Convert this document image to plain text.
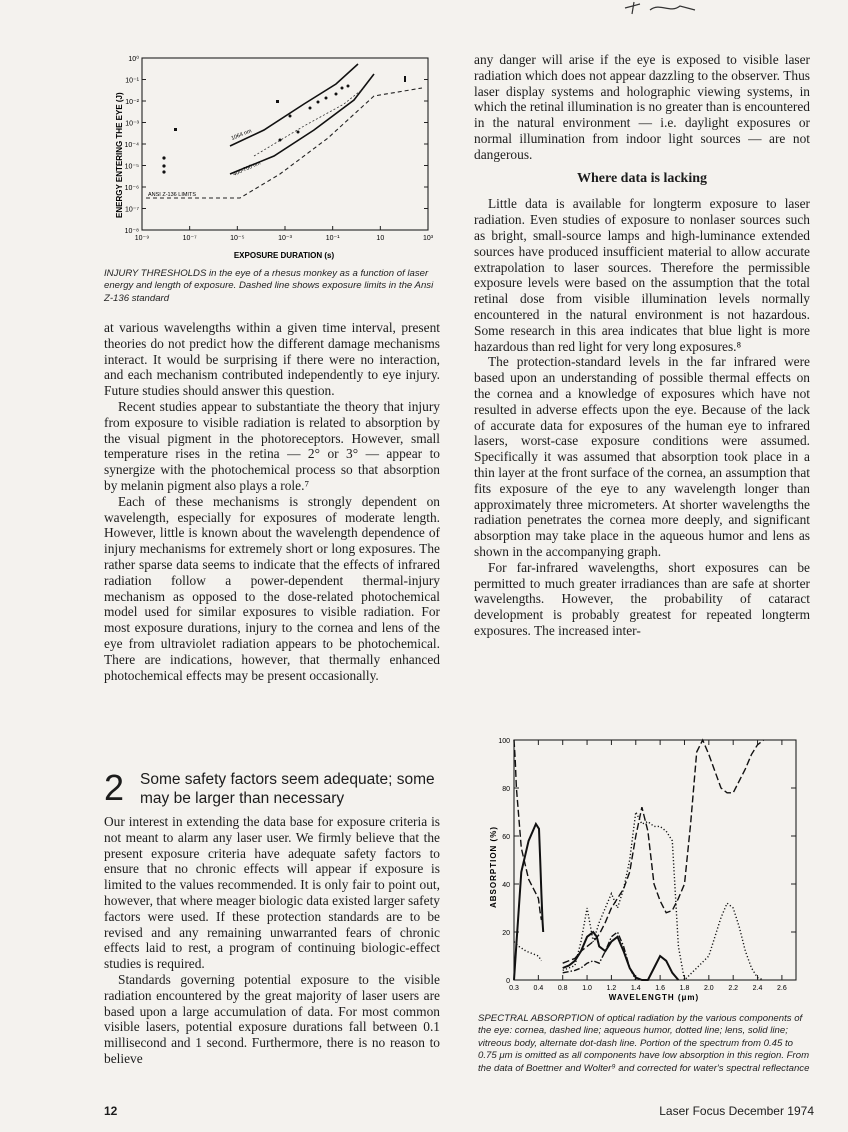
10⁰
10⁻¹
10⁻²
10⁻³
10⁻⁴
10⁻⁵
10⁻⁶
10⁻⁷
10⁻⁸
10⁻⁹	10⁻⁷	10⁻⁵	10⁻³	10⁻¹	10	10³
ENERGY ENTERING THE EYE (J)
EXPOSURE DURATION (s)
1064 nm
400-700 nm
ANSI Z-136 LIMITS
INJURY THRESHOLDS in the eye of a rhesus monkey as a function of laser energy and length of exposure. Dashed line shows exposure limits in the Ansi Z-136 standard

at various wavelengths within a given time interval, present theories do not predict how the different damage mechanisms interact. It would be surprising if there were no interaction, and each mechanism contributed independently to eye injury. Future studies should answer this question.

Recent studies appear to substantiate the theory that injury from exposure to visible radiation is related to absorption by the visual pigment in the photoreceptors. However, small temperature rises in the retina — 2° or 3° — appear to synergize with the photochemical process so that absorption by melanin pigment also plays a role.⁷

Each of these mechanisms is strongly dependent on wavelength, especially for exposures of moderate length. However, little is known about the wavelength dependence of injury mechanisms for extremely short or long exposures. The rather sparse data seems to indicate that the effects of infrared radiation follow a power-dependent thermal-injury mechanism as opposed to the dose-related photochemical model used for similar exposures to visible radiation. For most exposure durations, injury to the cornea and lens of the eye from ultraviolet radiation appears to be photochemical. There are indications, however, that thermally enhanced photochemical effects may be present occasionally.

2 Some safety factors seem adequate; some may be larger than necessary

Our interest in extending the data base for exposure criteria is not meant to alarm any laser user. We firmly believe that the present exposure criteria have adequate safety factors to ensure that no chronic effects will appear if exposure is limited to the values recommended. It is only fair to point out, however, that where meager biologic data existed larger safety factors were used. If these protection standards are to be revised and any remaining unwarranted fears of chronic effects laid to rest, a program of continuing biologic-effect studies is required.

Standards governing potential exposure to the visible radiation encountered by the great majority of laser users are based upon a large accumulation of data. For most common visible lasers, potential exposure durations fall between 0.1 millisecond and 1 second. Furthermore, there is no reason to believe

any danger will arise if the eye is exposed to visible laser radiation which does not appear dazzling to the observer. Thus laser display systems and holographic viewing systems, in which the retinal illumination is no greater than is encountered in the natural environment — i.e. daylight exposures or normal illumination from indoor light sources — are not dangerous.

Where data is lacking

Little data is available for longterm exposure to laser radiation. Even studies of exposure to nonlaser sources such as bright, small-source lamps and high-luminance extended sources have produced insufficient material to allow accurate extrapolation to laser sources. Therefore the permissible exposure levels were based on the assumption that the total retinal dose from visible illumination levels normally encountered in the natural environment is not hazardous. Some research in this area indicates that blue light is more hazardous than red light for very long exposures.⁸

The protection-standard levels in the far infrared were based upon an understanding of possible thermal effects on the cornea and a knowledge of exposures which have not resulted in adverse effects upon the eye. Because of the lack of accurate data for exposures of the human eye to infrared lasers, worst-case exposure conditions were assumed. Specifically it was assumed that absorption took place in a thin layer at the front surface of the cornea, an assumption that fits exposure of the eye to any wavelength longer than approximately three micrometers. At shorter wavelengths the radiation penetrates the cornea more deeply, and significant absorption may take place in the aqueous humor and lens as shown in the accompanying graph.

For far-infrared wavelengths, short exposures can be permitted to much greater irradiances than are safe at shorter wavelengths. However, the probability of cataract development is probably greatest for repeated longterm exposures. The increased inter-

0.3 0.4 0.8 1.0 1.2 1.4 1.6 1.8 2.0 2.2 2.4 2.6
0
20
40
60
80
100
ABSORPTION (%)
WAVELENGTH (μm)
SPECTRAL ABSORPTION of optical radiation by the various components of the eye: cornea, dashed line; aqueous humor, dotted line; lens, solid line; vitreous body, alternate dot-dash line. Portion of the spectrum from 0.45 to 0.75 μm is omitted as all components have low absorption in this region. From the data of Boettner and Wolter⁹ and corrected for water's spectral reflectance
12	Laser Focus December 1974
